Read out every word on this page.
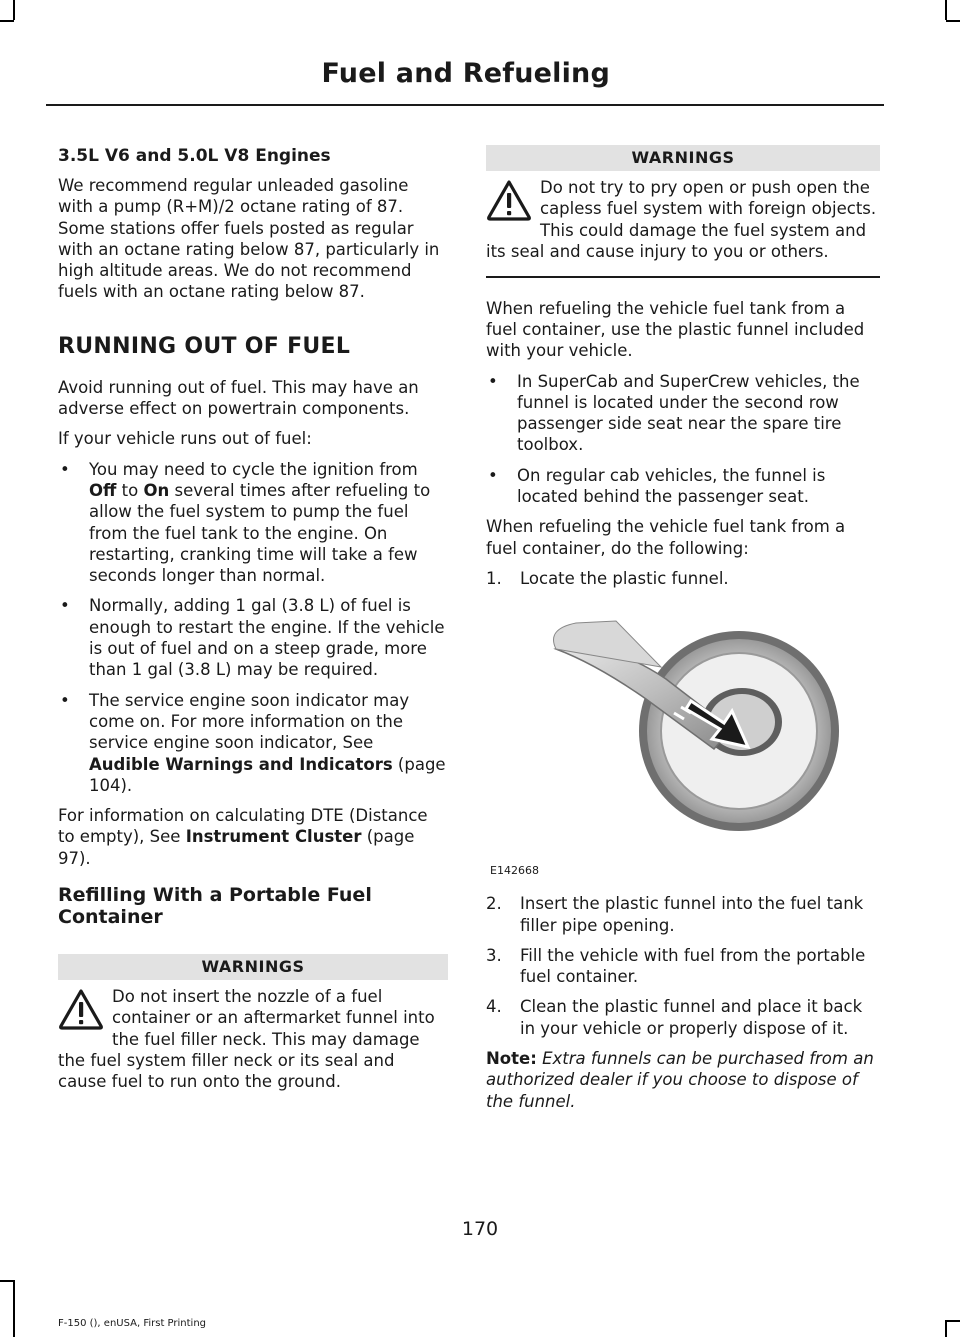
Fuel and Refueling
3.5L V6 and 5.0L V8 Engines

We recommend regular unleaded gasoline with a pump (R+M)/2 octane rating of 87. Some stations offer fuels posted as regular with an octane rating below 87, particularly in high altitude areas. We do not recommend fuels with an octane rating below 87.

RUNNING OUT OF FUEL

Avoid running out of fuel. This may have an adverse effect on powertrain components.

If your vehicle runs out of fuel:

• You may need to cycle the ignition from Off to On several times after refueling to allow the fuel system to pump the fuel from the fuel tank to the engine. On restarting, cranking time will take a few seconds longer than normal.
• Normally, adding 1 gal (3.8 L) of fuel is enough to restart the engine. If the vehicle is out of fuel and on a steep grade, more than 1 gal (3.8 L) may be required.
• The service engine soon indicator may come on. For more information on the service engine soon indicator, See Audible Warnings and Indicators (page 104).

For information on calculating DTE (Distance to empty), See Instrument Cluster (page 97).

Refilling With a Portable Fuel Container
WARNINGS
Do not insert the nozzle of a fuel container or an aftermarket funnel into the fuel filler neck. This may damage the fuel system filler neck or its seal and cause fuel to run onto the ground.
WARNINGS
Do not try to pry open or push open the capless fuel system with foreign objects. This could damage the fuel system and its seal and cause injury to you or others.

When refueling the vehicle fuel tank from a fuel container, use the plastic funnel included with your vehicle.

• In SuperCab and SuperCrew vehicles, the funnel is located under the second row passenger side seat near the spare tire toolbox.
• On regular cab vehicles, the funnel is located behind the passenger seat.

When refueling the vehicle fuel tank from a fuel container, do the following:

1. Locate the plastic funnel.
E142668
2. Insert the plastic funnel into the fuel tank filler pipe opening.
3. Fill the vehicle with fuel from the portable fuel container.
4. Clean the plastic funnel and place it back in your vehicle or properly dispose of it.

Note: Extra funnels can be purchased from an authorized dealer if you choose to dispose of the funnel.

170
F-150 (), enUSA, First Printing
